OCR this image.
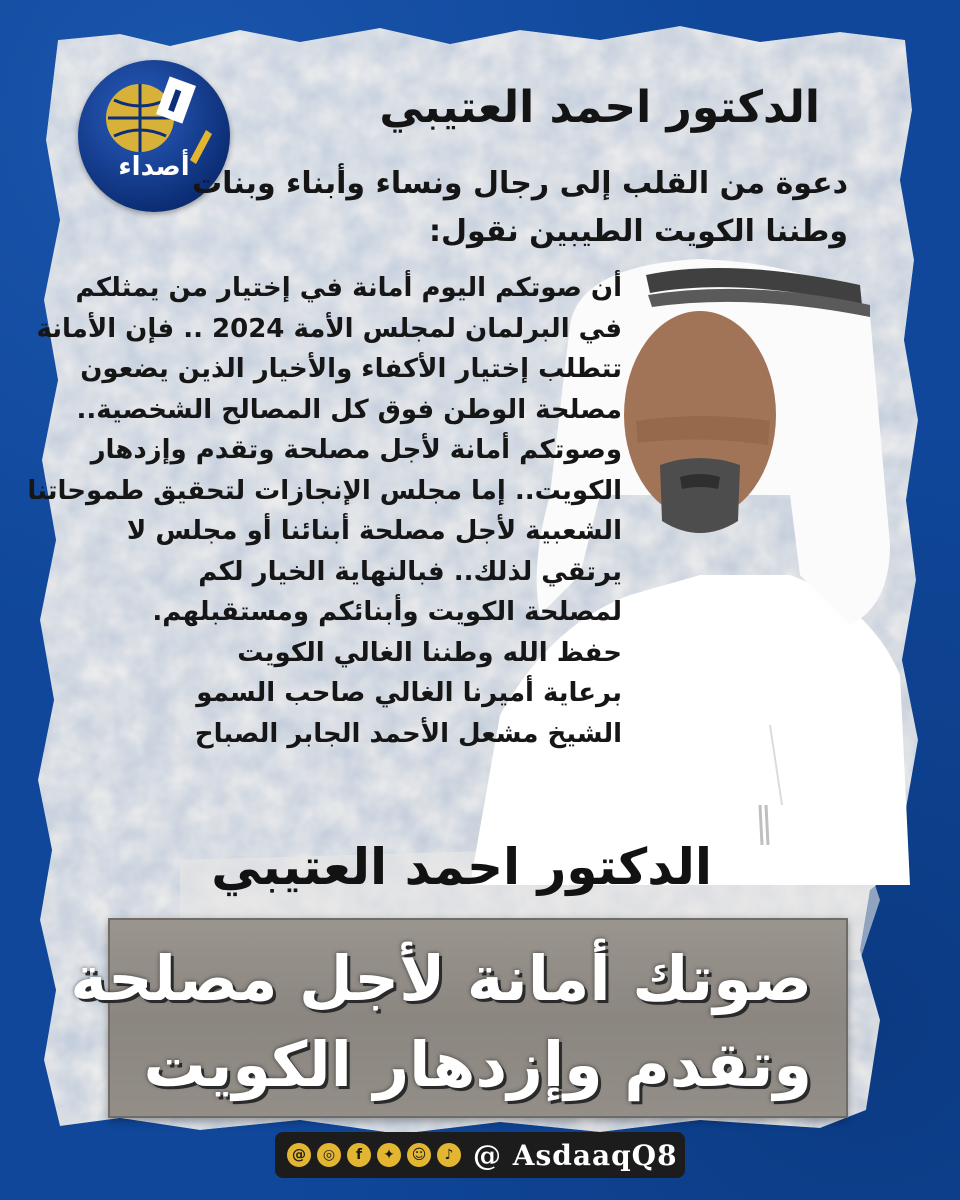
أصداء
الدكتور احمد العتيبي
دعوة من القلب إلى رجال ونساء وأبناء وبنات
وطننا الكويت الطيبين نقول:
أن صوتكم اليوم أمانة في إختيار من يمثلكم
في البرلمان لمجلس الأمة 2024 .. فإن الأمانة
تتطلب إختيار الأكفاء والأخيار الذين يضعون
مصلحة الوطن فوق كل المصالح الشخصية..
وصوتكم أمانة لأجل مصلحة وتقدم وإزدهار
الكويت.. إما مجلس الإنجازات لتحقيق طموحاتنا
الشعبية لأجل مصلحة أبنائنا أو مجلس لا
يرتقي لذلك.. فبالنهاية الخيار لكم
لمصلحة الكويت وأبنائكم ومستقبلهم.
حفظ الله وطننا الغالي الكويت
برعاية أميرنا الغالي صاحب السمو
الشيخ مشعل الأحمد الجابر الصباح
الدكتور احمد العتيبي
صوتك أمانة لأجل مصلحة
وتقدم وإزدهار الكويت
@	◎	f	✦	☺	♪ @ AsdaaqQ8
